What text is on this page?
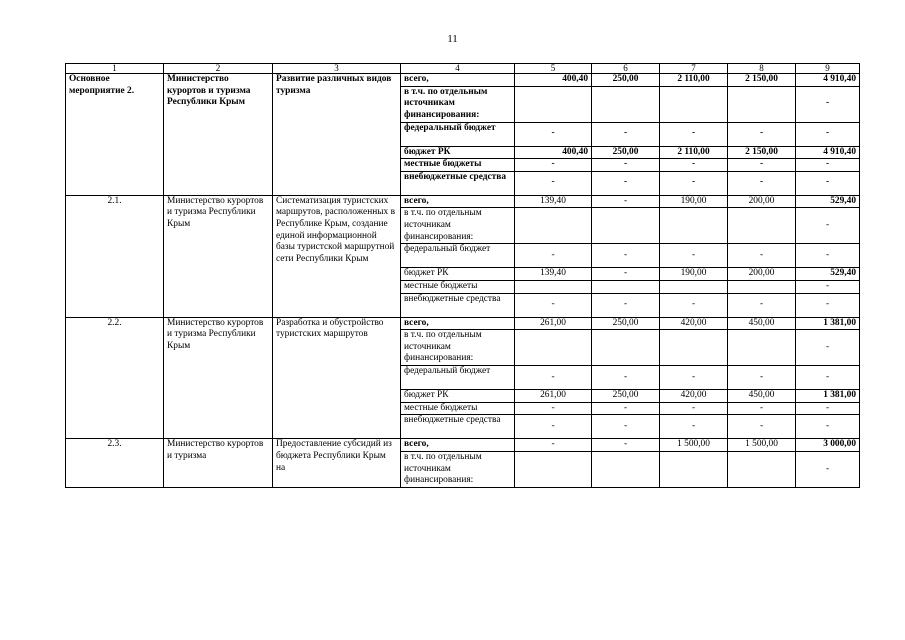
11
1	2	3	4	5	6	7	8	9
Основное мероприятие 2.	Министерство курортов и туризма Республики Крым	Развитие различных видов туризма	всего,	400,40	250,00	2 110,00	2 150,00	4 910,40
			в т.ч. по отдельным источникам финансирования:					-
			федеральный бюджет	-	-	-	-	-
			бюджет РК	400,40	250,00	2 110,00	2 150,00	4 910,40
			местные бюджеты	-	-	-	-	-
			внебюджетные средства	-	-	-	-	-
2.1.	Министерство курортов и туризма Республики Крым	Систематизация туристских маршрутов, расположенных в Республике Крым, создание единой информационной базы туристской маршрутной сети Республики Крым	всего,	139,40	-	190,00	200,00	529,40
			в т.ч. по отдельным источникам финансирования:					-
			федеральный бюджет	-	-	-	-	-
			бюджет РК	139,40	-	190,00	200,00	529,40
			местные бюджеты					-
			внебюджетные средства	-	-	-	-	-
2.2.	Министерство курортов и туризма Республики Крым	Разработка и обустройство туристских маршрутов	всего,	261,00	250,00	420,00	450,00	1 381,00
			в т.ч. по отдельным источникам финансирования:					-
			федеральный бюджет	-	-	-	-	-
			бюджет РК	261,00	250,00	420,00	450,00	1 381,00
			местные бюджеты	-	-	-	-	-
			внебюджетные средства	-	-	-	-	-
2.3.	Министерство курортов и туризма	Предоставление субсидий из бюджета Республики Крым на	всего,	-	-	1 500,00	1 500,00	3 000,00
			в т.ч. по отдельным источникам финансирования:					-
